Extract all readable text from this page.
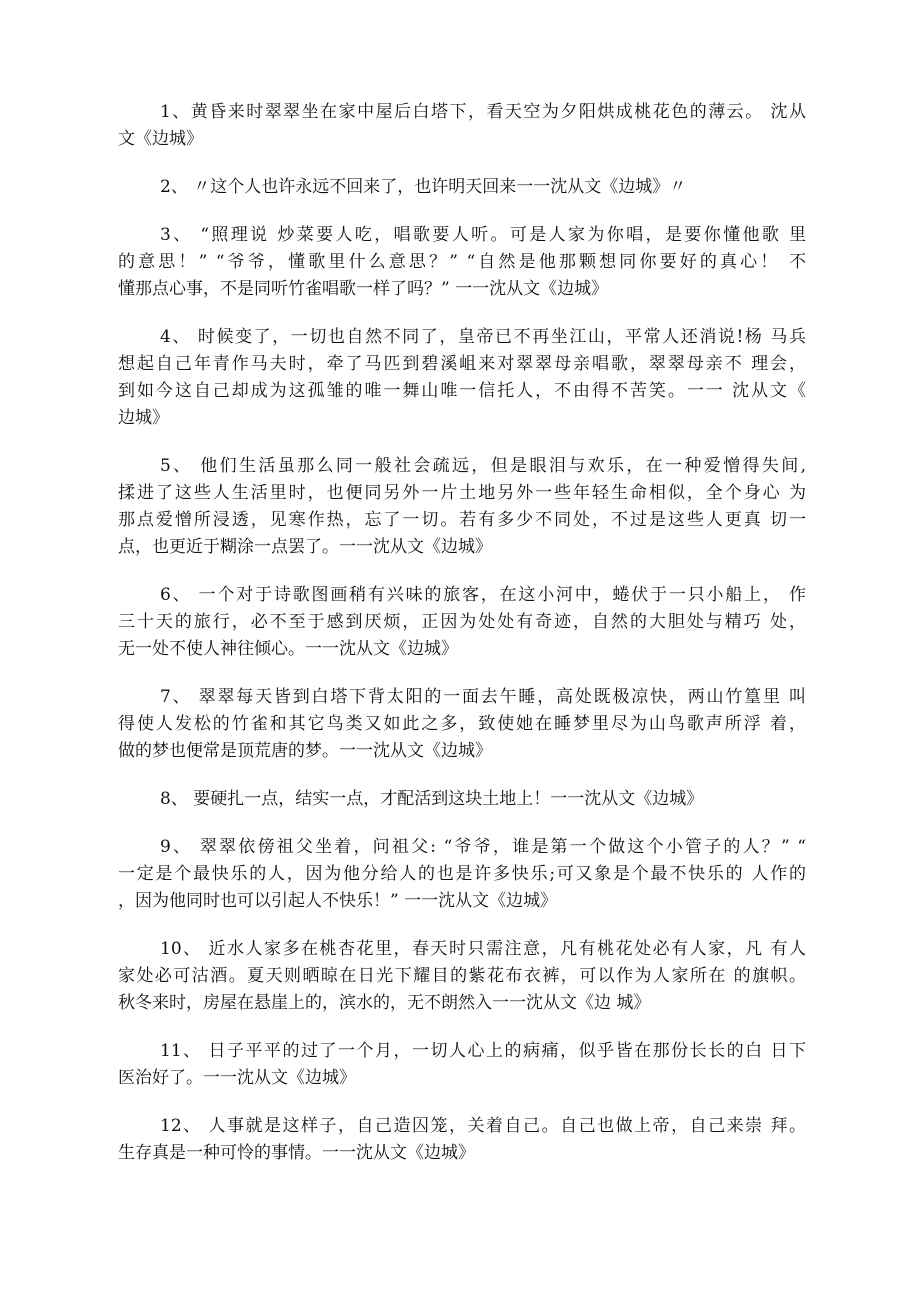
1、黄昏来时翠翠坐在家中屋后白塔下，看天空为夕阳烘成桃花色的薄云。 沈从
文《边城》
2、 〃这个人也许永远不回来了，也许明天回来一一沈从文《边城》〃
3、 “照理说 炒菜要人吃，唱歌要人听。可是人家为你唱，是要你懂他歌 里
的意思！” “爷爷，懂歌里什么意思？” “自然是他那颗想同你要好的真心！ 不
懂那点心事，不是同听竹雀唱歌一样了吗？” 一一沈从文《边城》
4、 时候变了，一切也自然不同了，皇帝已不再坐江山，平常人还消说!杨 马兵
想起自己年青作马夫时，牵了马匹到碧溪岨来对翠翠母亲唱歌，翠翠母亲不 理会，
到如今这自己却成为这孤雏的唯一舞山唯一信托人，不由得不苦笑。一一 沈从文《
边城》
5、 他们生活虽那么同一般社会疏远，但是眼泪与欢乐，在一种爱憎得失间,
揉进了这些人生活里时，也便同另外一片土地另外一些年轻生命相似，全个身心 为
那点爱憎所浸透，见寒作热，忘了一切。若有多少不同处，不过是这些人更真 切一
点，也更近于糊涂一点罢了。一一沈从文《边城》
6、 一个对于诗歌图画稍有兴味的旅客，在这小河中，蜷伏于一只小船上， 作
三十天的旅行，必不至于感到厌烦，正因为处处有奇迹，自然的大胆处与精巧 处，
无一处不使人神往倾心。一一沈从文《边城》
7、 翠翠每天皆到白塔下背太阳的一面去午睡，高处既极凉快，两山竹篁里 叫
得使人发松的竹雀和其它鸟类又如此之多，致使她在睡梦里尽为山鸟歌声所浮 着，
做的梦也便常是顶荒唐的梦。一一沈从文《边城》
8、 要硬扎一点，结实一点，才配活到这块土地上！一一沈从文《边城》
9、 翠翠依傍祖父坐着，问祖父: “爷爷，谁是第一个做这个小管子的人？” “
一定是个最快乐的人，因为他分给人的也是许多快乐;可又象是个最不快乐的 人作的
，因为他同时也可以引起人不快乐！” 一一沈从文《边城》
10、 近水人家多在桃杏花里，春天时只需注意，凡有桃花处必有人家，凡 有人
家处必可沽酒。夏天则晒晾在日光下耀目的紫花布衣裤，可以作为人家所在 的旗帜。
秋冬来时，房屋在悬崖上的，滨水的，无不朗然入一一沈从文《边 城》
11、 日子平平的过了一个月，一切人心上的病痛，似乎皆在那份长长的白 日下
医治好了。一一沈从文《边城》
12、 人事就是这样子，自己造囚笼，关着自己。自己也做上帝，自己来崇 拜。
生存真是一种可怜的事情。一一沈从文《边城》
